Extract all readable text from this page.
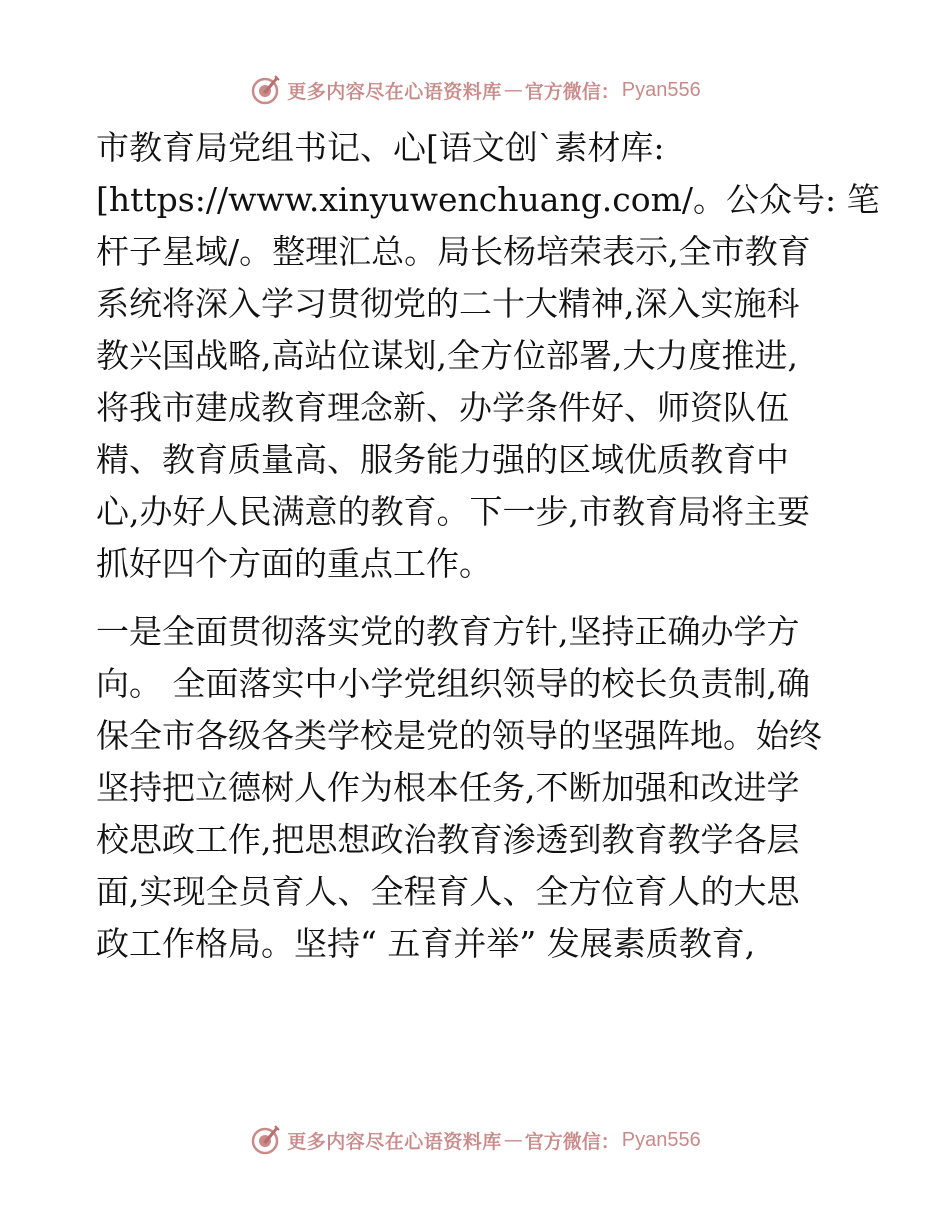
更多内容尽在心语资料库 — 官方微信： Pyan556
市教育局党组书记、心[语文创`素材库:
[https://www.xinyuwenchuang.com/。公众号: 笔
杆子星域/。整理汇总。局长杨培荣表示,全市教育
系统将深入学习贯彻党的二十大精神,深入实施科
教兴国战略,高站位谋划,全方位部署,大力度推进,
将我市建成教育理念新、办学条件好、师资队伍
精、教育质量高、服务能力强的区域优质教育中
心,办好人民满意的教育。下一步,市教育局将主要
抓好四个方面的重点工作。
一是全面贯彻落实党的教育方针,坚持正确办学方
向。 全面落实中小学党组织领导的校长负责制,确
保全市各级各类学校是党的领导的坚强阵地。始终
坚持把立德树人作为根本任务,不断加强和改进学
校思政工作,把思想政治教育渗透到教育教学各层
面,实现全员育人、全程育人、全方位育人的大思
政工作格局。坚持“ 五育并举” 发展素质教育,
更多内容尽在心语资料库 — 官方微信： Pyan556
